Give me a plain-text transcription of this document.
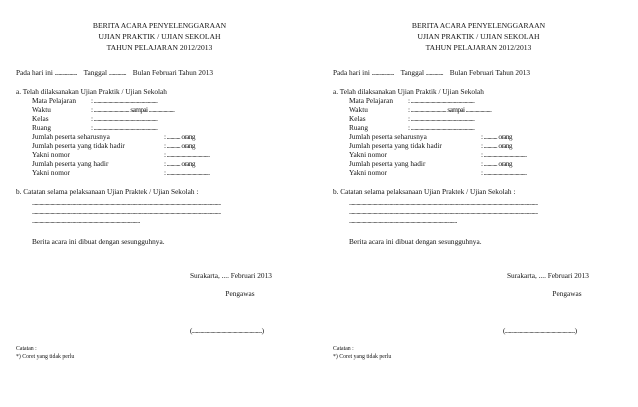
BERITA ACARA PENYELENGGARAAN
UJIAN PRAKTIK / UJIAN SEKOLAH
TAHUN PELAJARAN 2012/2013
Pada hari ini .................. Tanggal .............. Bulan Februari Tahun 2013
a. Telah dilaksanakan Ujian Praktik / Ujian Sekolah
Mata Pelajaran : ....................................................
Waktu	: ............................. sampai .....................
Kelas	: ....................................................
Ruang	: ....................................................
Jumlah peserta seharusnya	: ........... orang
Jumlah peserta yang tidak hadir	: ........... orang
Yakni nomor	: ...................................
Jumlah peserta yang hadir	: ........... orang
Yakni nomor	: ...................................
b. Catatan selama pelaksanaan Ujian Praktek / Ujian Sekolah :
..........................................................................................................................................................
..........................................................................................................................................................
........................................................................................
Berita acara ini dibuat dengan sesungguhnya.
Surakarta, .... Februari 2013
Pengawas
(.........................................................)
Catatan :
*) Coret yang tidak perlu
BERITA ACARA PENYELENGGARAAN
UJIAN PRAKTIK / UJIAN SEKOLAH
TAHUN PELAJARAN 2012/2013
Pada hari ini .................. Tanggal .............. Bulan Februari Tahun 2013
a. Telah dilaksanakan Ujian Praktik / Ujian Sekolah
Mata Pelajaran : ....................................................
Waktu	: ............................. sampai .....................
Kelas	: ....................................................
Ruang	: ....................................................
Jumlah peserta seharusnya	: ........... orang
Jumlah peserta yang tidak hadir	: ........... orang
Yakni nomor	: ...................................
Jumlah peserta yang hadir	: ........... orang
Yakni nomor	: ...................................
b. Catatan selama pelaksanaan Ujian Praktek / Ujian Sekolah :
..........................................................................................................................................................
..........................................................................................................................................................
........................................................................................
Berita acara ini dibuat dengan sesungguhnya.
Surakarta, .... Februari 2013
Pengawas
(.........................................................)
Catatan :
*) Coret yang tidak perlu
